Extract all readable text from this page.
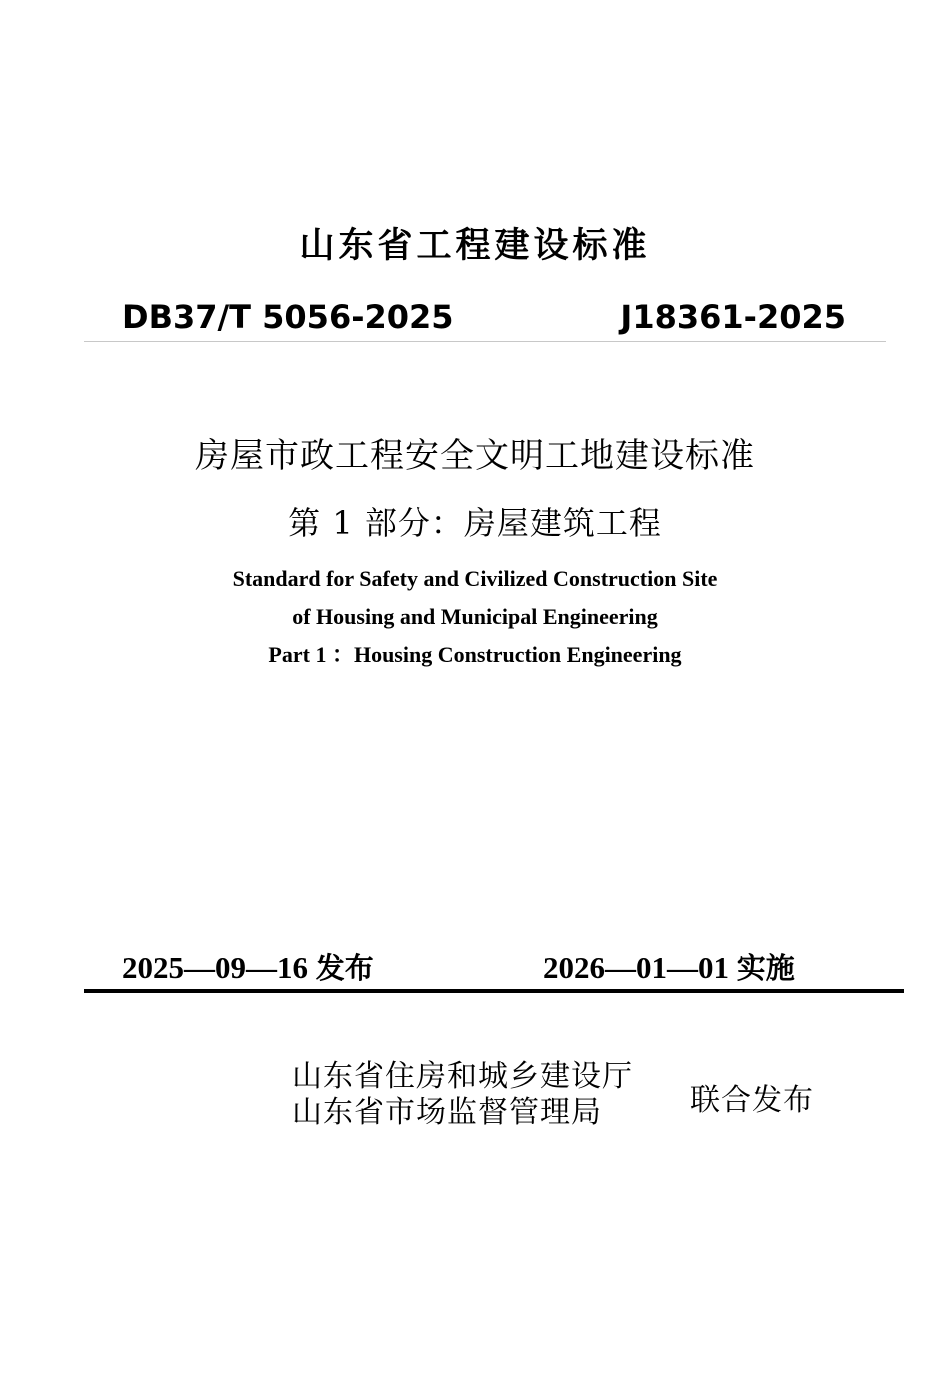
山东省工程建设标准
DB37/T 5056-2025	J18361-2025
房屋市政工程安全文明工地建设标准
第 1 部分：房屋建筑工程
Standard for Safety and Civilized Construction Site
of Housing and Municipal Engineering
Part 1 ：Housing Construction Engineering
2025—09—16 发布	2026—01—01 实施
山东省住房和城乡建设厅
山东省市场监督管理局	联合发布
